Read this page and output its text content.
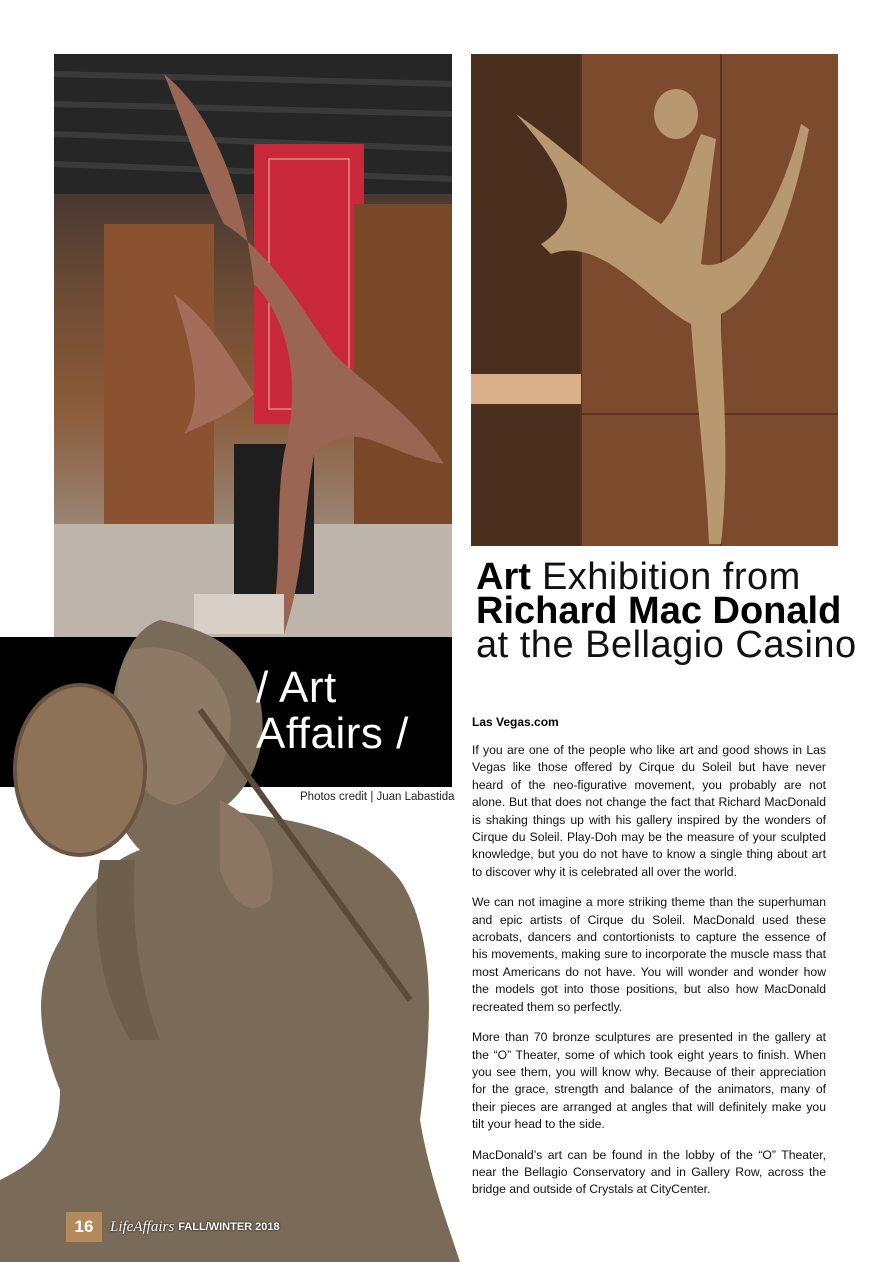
/ Art
Affairs /
Photos credit | Juan Labastida
Art Exhibition from Richard Mac Donald at the Bellagio Casino
Las Vegas.com

If you are one of the people who like art and good shows in Las Vegas like those offered by Cirque du Soleil but have never heard of the neo-figurative movement, you probably are not alone. But that does not change the fact that Richard MacDonald is shaking things up with his gallery inspired by the wonders of Cirque du Soleil. Play-Doh may be the measure of your sculpted knowledge, but you do not have to know a single thing about art to discover why it is celebrated all over the world.

We can not imagine a more striking theme than the superhuman and epic artists of Cirque du Soleil. MacDonald used these acrobats, dancers and contortionists to capture the essence of his movements, making sure to incorporate the muscle mass that most Americans do not have. You will wonder and wonder how the models got into those positions, but also how MacDonald recreated them so perfectly.

More than 70 bronze sculptures are presented in the gallery at the “O” Theater, some of which took eight years to finish. When you see them, you will know why. Because of their appreciation for the grace, strength and balance of the animators, many of their pieces are arranged at angles that will definitely make you tilt your head to the side.

MacDonald’s art can be found in the lobby of the “O” Theater, near the Bellagio Conservatory and in Gallery Row, across the bridge and outside of Crystals at CityCenter.

16	LifeAffairs FALL/WINTER 2018
